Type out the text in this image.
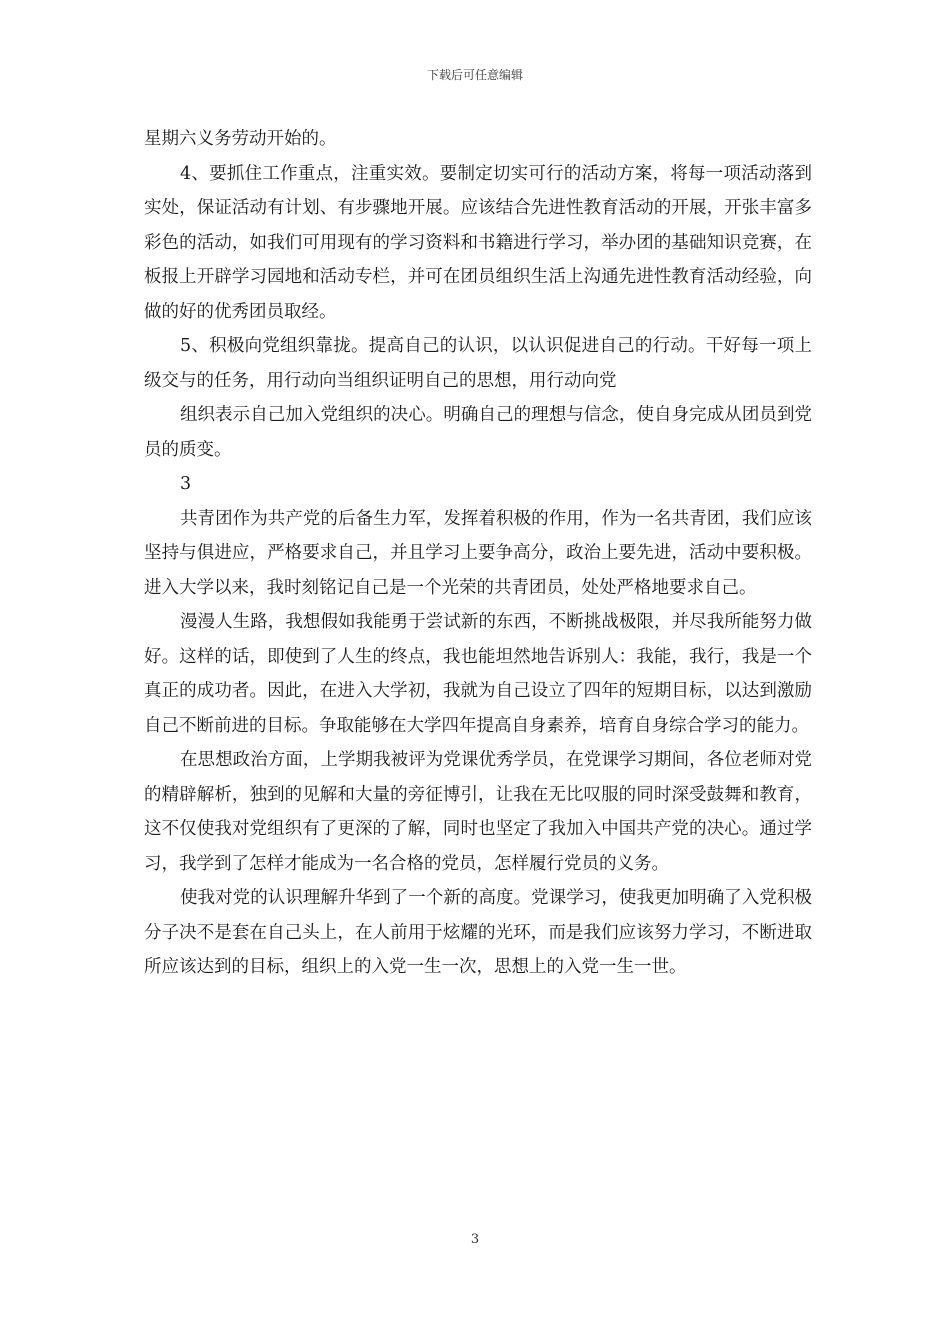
下载后可任意编辑

星期六义务劳动开始的。

4、要抓住工作重点，注重实效。要制定切实可行的活动方案，将每一项活动落到实处，保证活动有计划、有步骤地开展。应该结合先进性教育活动的开展，开张丰富多彩色的活动，如我们可用现有的学习资料和书籍进行学习，举办团的基础知识竞赛，在板报上开辟学习园地和活动专栏，并可在团员组织生活上沟通先进性教育活动经验，向做的好的优秀团员取经。

5、积极向党组织靠拢。提高自己的认识，以认识促进自己的行动。干好每一项上级交与的任务，用行动向当组织证明自己的思想，用行动向党

组织表示自己加入党组织的决心。明确自己的理想与信念，使自身完成从团员到党员的质变。

3

共青团作为共产党的后备生力军，发挥着积极的作用，作为一名共青团，我们应该坚持与俱进应，严格要求自己，并且学习上要争高分，政治上要先进，活动中要积极。进入大学以来，我时刻铭记自己是一个光荣的共青团员，处处严格地要求自己。

漫漫人生路，我想假如我能勇于尝试新的东西，不断挑战极限，并尽我所能努力做好。这样的话，即使到了人生的终点，我也能坦然地告诉别人：我能，我行，我是一个真正的成功者。因此，在进入大学初，我就为自己设立了四年的短期目标，以达到激励自己不断前进的目标。争取能够在大学四年提高自身素养，培育自身综合学习的能力。

在思想政治方面，上学期我被评为党课优秀学员，在党课学习期间，各位老师对党的精辟解析，独到的见解和大量的旁征博引，让我在无比叹服的同时深受鼓舞和教育，这不仅使我对党组织有了更深的了解，同时也坚定了我加入中国共产党的决心。通过学习，我学到了怎样才能成为一名合格的党员，怎样履行党员的义务。

使我对党的认识理解升华到了一个新的高度。党课学习，使我更加明确了入党积极分子决不是套在自己头上，在人前用于炫耀的光环，而是我们应该努力学习，不断进取所应该达到的目标，组织上的入党一生一次，思想上的入党一生一世。

3
